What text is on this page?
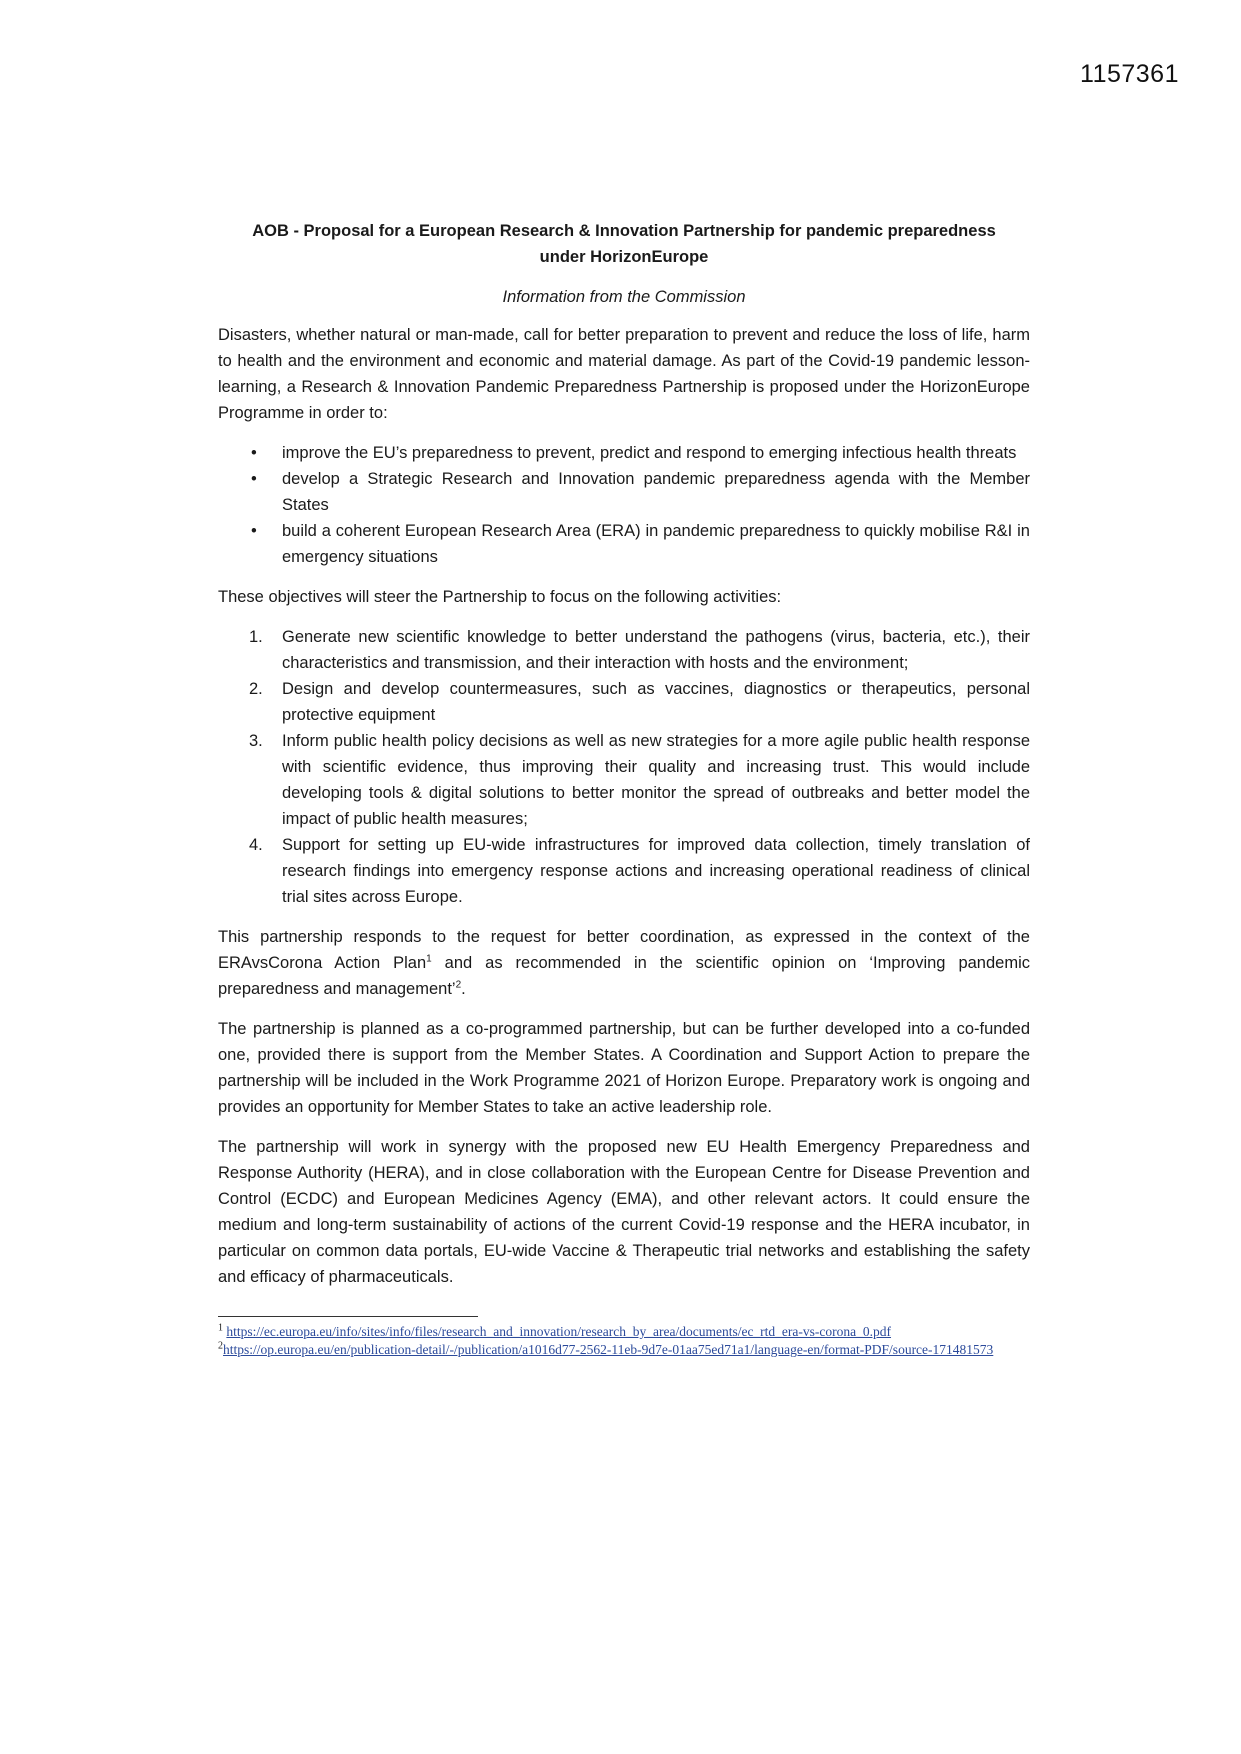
1157361

AOB - Proposal for a European Research & Innovation Partnership for pandemic preparedness
under HorizonEurope

Information from the Commission

Disasters, whether natural or man-made, call for better preparation to prevent and reduce the loss of life, harm to health and the environment and economic and material damage. As part of the Covid-19 pandemic lesson-learning, a Research & Innovation Pandemic Preparedness Partnership is proposed under the HorizonEurope Programme in order to:

• improve the EU’s preparedness to prevent, predict and respond to emerging infectious health threats
• develop a Strategic Research and Innovation pandemic preparedness agenda with the Member States
• build a coherent European Research Area (ERA) in pandemic preparedness to quickly mobilise R&I in emergency situations

These objectives will steer the Partnership to focus on the following activities:

1. Generate new scientific knowledge to better understand the pathogens (virus, bacteria, etc.), their characteristics and transmission, and their interaction with hosts and the environment;
2. Design and develop countermeasures, such as vaccines, diagnostics or therapeutics, personal protective equipment
3. Inform public health policy decisions as well as new strategies for a more agile public health response with scientific evidence, thus improving their quality and increasing trust. This would include developing tools & digital solutions to better monitor the spread of outbreaks and better model the impact of public health measures;
4. Support for setting up EU-wide infrastructures for improved data collection, timely translation of research findings into emergency response actions and increasing operational readiness of clinical trial sites across Europe.

This partnership responds to the request for better coordination, as expressed in the context of the ERAvsCorona Action Plan$^1$ and as recommended in the scientific opinion on ‘Improving pandemic preparedness and management’$^2$.

The partnership is planned as a co-programmed partnership, but can be further developed into a co-funded one, provided there is support from the Member States. A Coordination and Support Action to prepare the partnership will be included in the Work Programme 2021 of Horizon Europe. Preparatory work is ongoing and provides an opportunity for Member States to take an active leadership role.

The partnership will work in synergy with the proposed new EU Health Emergency Preparedness and Response Authority (HERA), and in close collaboration with the European Centre for Disease Prevention and Control (ECDC) and European Medicines Agency (EMA), and other relevant actors. It could ensure the medium and long-term sustainability of actions of the current Covid-19 response and the HERA incubator, in particular on common data portals, EU-wide Vaccine & Therapeutic trial networks and establishing the safety and efficacy of pharmaceuticals.

$^1$ https://ec.europa.eu/info/sites/info/files/research_and_innovation/research_by_area/documents/ec_rtd_era-vs-corona_0.pdf

$^2$https://op.europa.eu/en/publication-detail/-/publication/a1016d77-2562-11eb-9d7e-01aa75ed71a1/language-en/format-PDF/source-171481573
